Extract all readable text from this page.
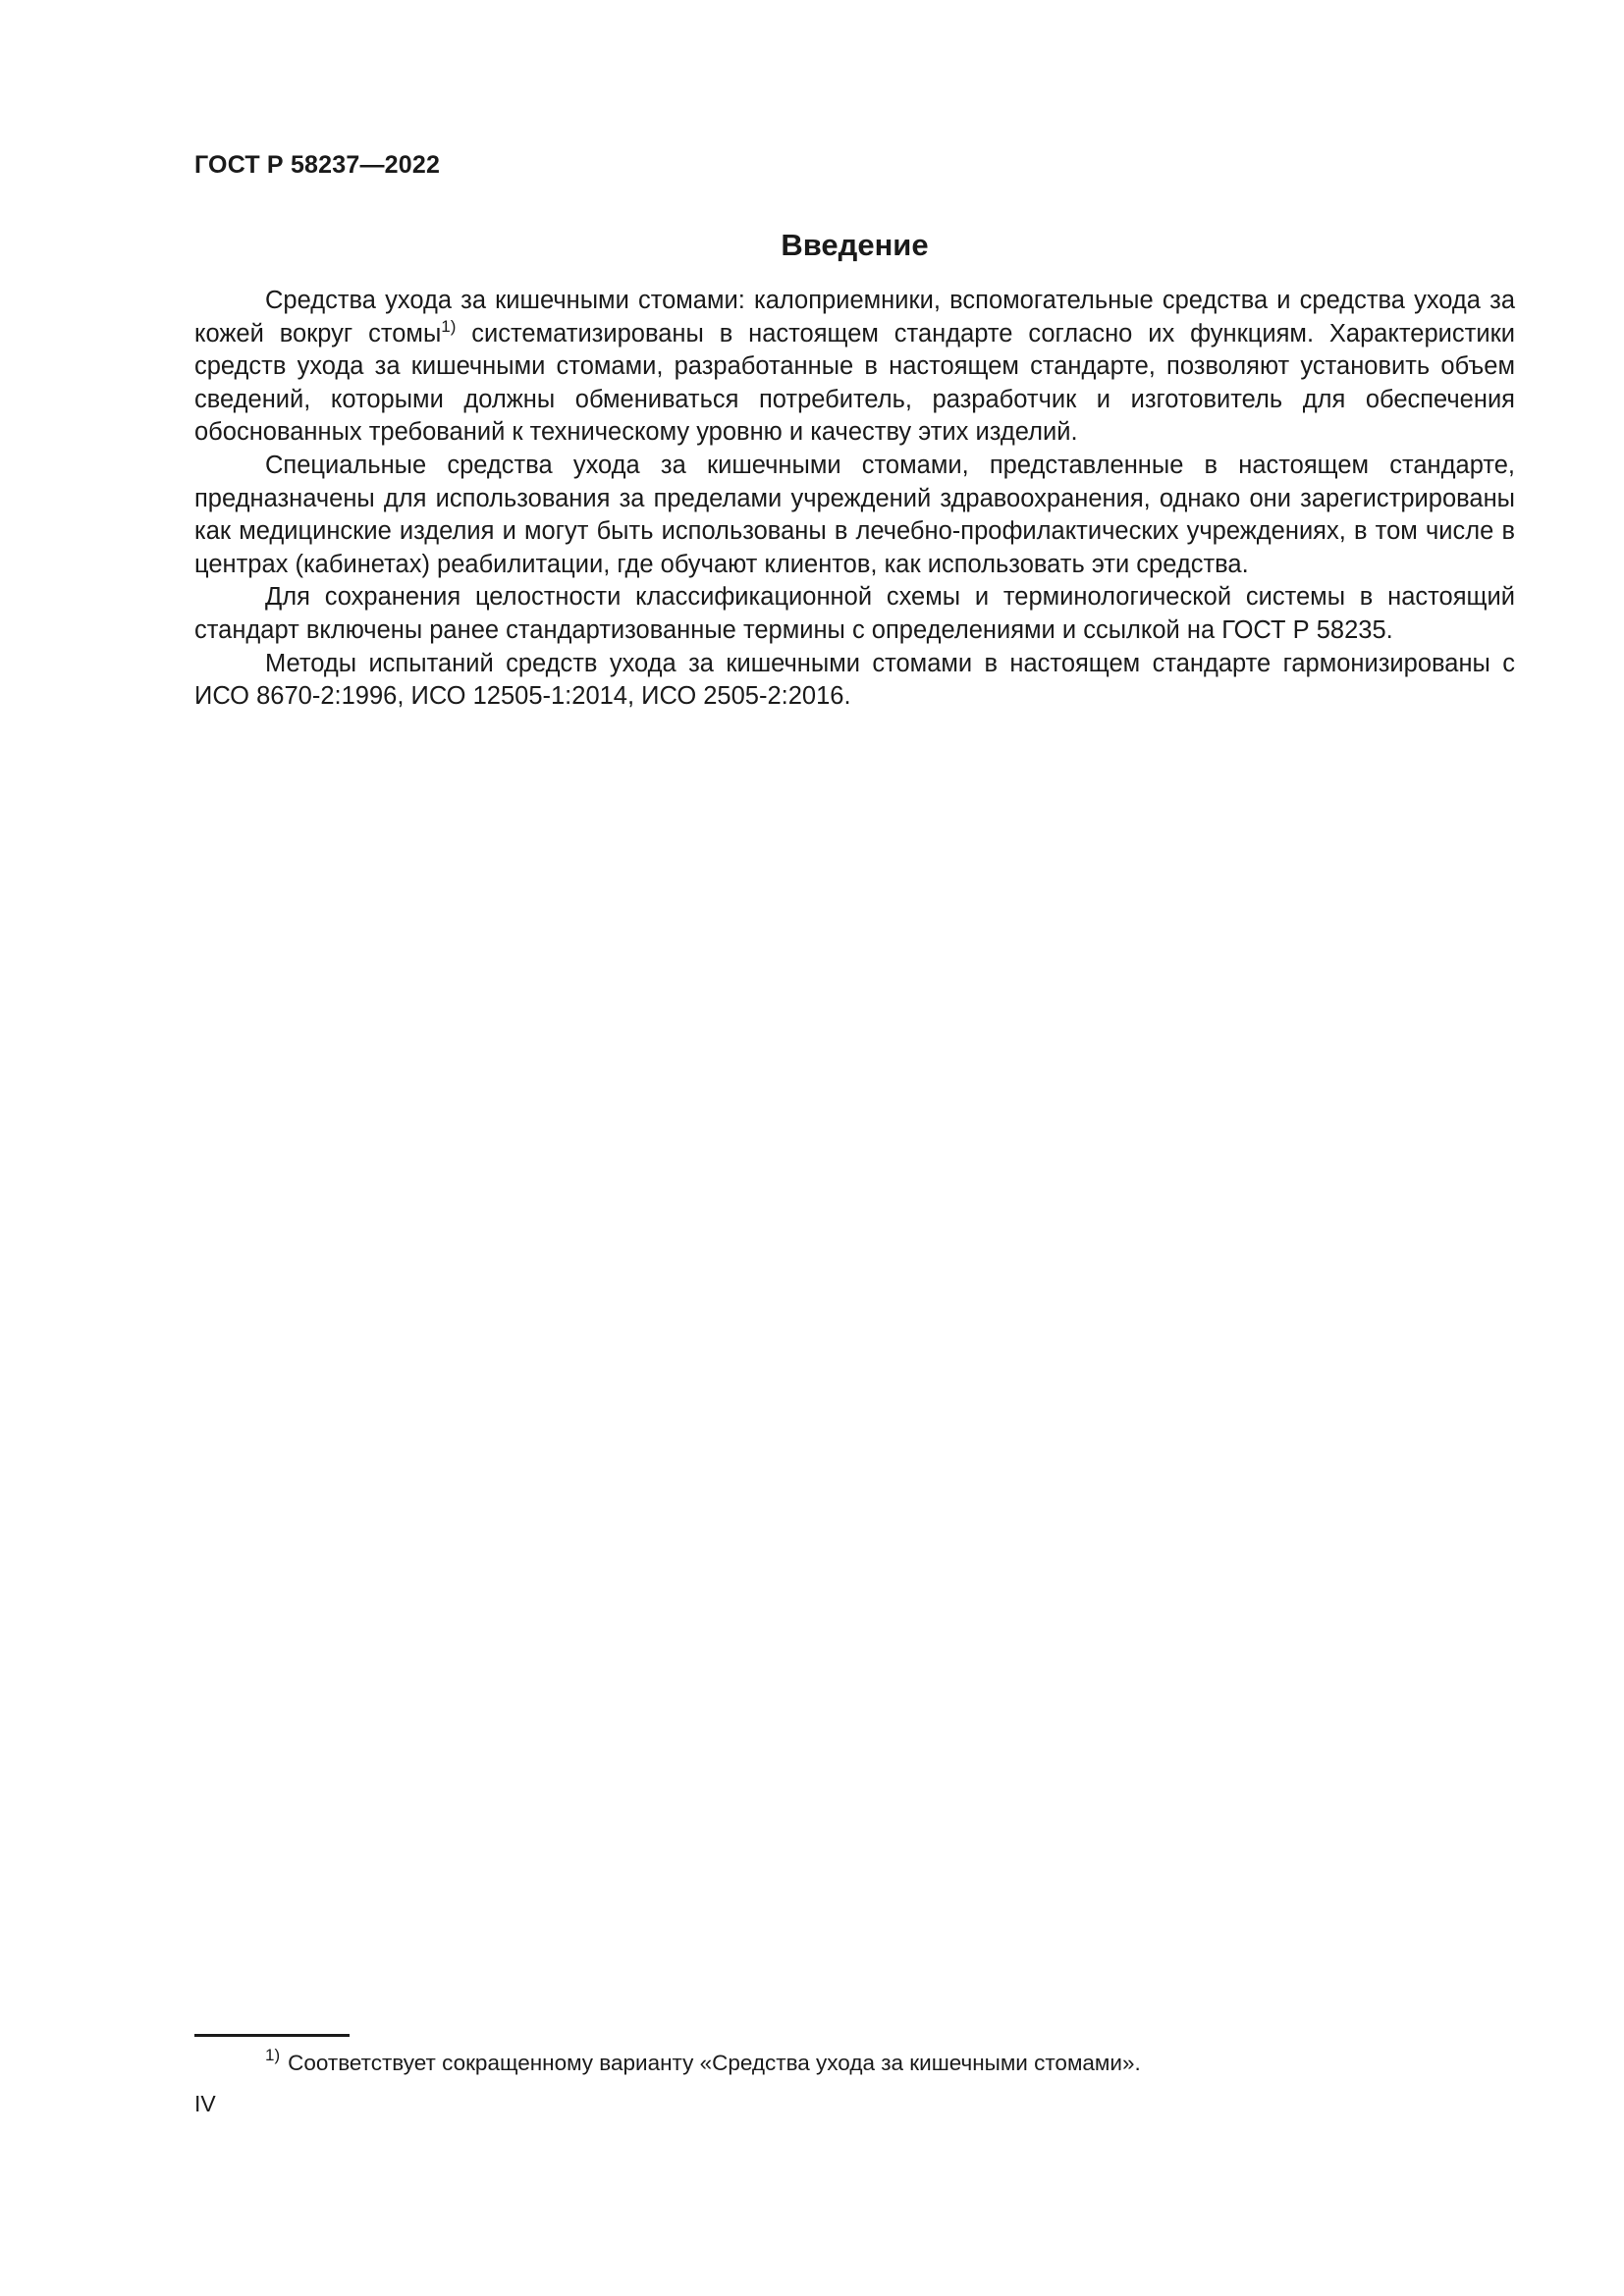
ГОСТ Р 58237—2022
Введение

Средства ухода за кишечными стомами: калоприемники, вспомогательные средства и средства ухода за кожей вокруг стомы$^{1)}$ систематизированы в настоящем стандарте согласно их функциям. Характеристики средств ухода за кишечными стомами, разработанные в настоящем стандарте, позволяют установить объем сведений, которыми должны обмениваться потребитель, разработчик и изготовитель для обеспечения обоснованных требований к техническому уровню и качеству этих изделий.

Специальные средства ухода за кишечными стомами, представленные в настоящем стандарте, предназначены для использования за пределами учреждений здравоохранения, однако они зарегистрированы как медицинские изделия и могут быть использованы в лечебно-профилактических учреждениях, в том числе в центрах (кабинетах) реабилитации, где обучают клиентов, как использовать эти средства.

Для сохранения целостности классификационной схемы и терминологической системы в настоящий стандарт включены ранее стандартизованные термины с определениями и ссылкой на ГОСТ Р 58235.

Методы испытаний средств ухода за кишечными стомами в настоящем стандарте гармонизированы с ИСО 8670-2:1996, ИСО 12505-1:2014, ИСО 2505-2:2016.

$^{1)}$ Соответствует сокращенному варианту «Средства ухода за кишечными стомами».
IV
